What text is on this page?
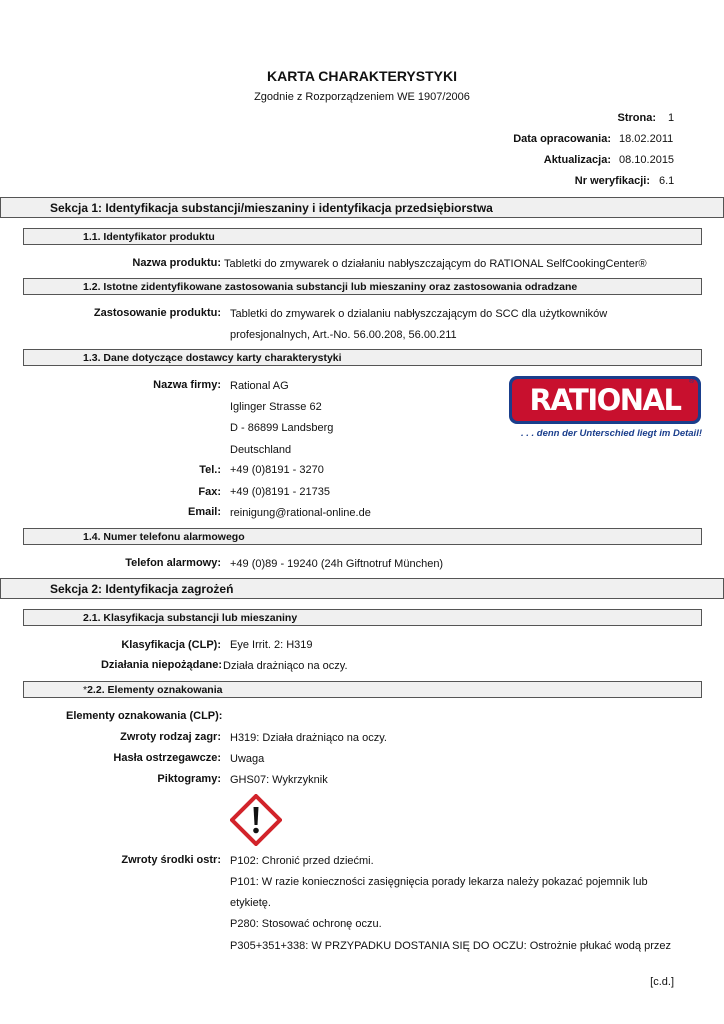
KARTA CHARAKTERYSTYKI
Zgodnie z Rozporządzeniem WE 1907/2006
Strona: 1
Data opracowania: 18.02.2011
Aktualizacja: 08.10.2015
Nr weryfikacji: 6.1
Sekcja 1: Identyfikacja substancji/mieszaniny i identyfikacja przedsiębiorstwa
1.1. Identyfikator produktu
Nazwa produktu: Tabletki do zmywarek o działaniu nabłyszczającym do RATIONAL SelfCookingCenter®
1.2. Istotne zidentyfikowane zastosowania substancji lub mieszaniny oraz zastosowania odradzane
Zastosowanie produktu: Tabletki do zmywarek o dzialaniu nabłyszczającym do SCC dla użytkowników
profesjonalnych, Art.-No. 56.00.208, 56.00.211
1.3. Dane dotyczące dostawcy karty charakterystyki
Nazwa firmy: Rational AG
Iglinger Strasse 62
D - 86899 Landsberg
Deutschland
Tel.: +49 (0)8191 - 3270
Fax: +49 (0)8191 - 21735
Email: reinigung@rational-online.de
RATIONAL
®
. . . denn der Unterschied liegt im Detail!
1.4. Numer telefonu alarmowego
Telefon alarmowy: +49 (0)89 - 19240 (24h Giftnotruf München)
Sekcja 2: Identyfikacja zagrożeń
2.1. Klasyfikacja substancji lub mieszaniny
Klasyfikacja (CLP): Eye Irrit. 2: H319
Działania niepożądane: Działa drażniąco na oczy.
*2.2. Elementy oznakowania
Elementy oznakowania (CLP):
Zwroty rodzaj zagr: H319: Działa drażniąco na oczy.
Hasła ostrzegawcze: Uwaga
Piktogramy: GHS07: Wykrzyknik
Zwroty środki ostr: P102: Chronić przed dziećmi.
P101: W razie konieczności zasięgnięcia porady lekarza należy pokazać pojemnik lub
etykietę.
P280: Stosować ochronę oczu.
P305+351+338: W PRZYPADKU DOSTANIA SIĘ DO OCZU: Ostrożnie płukać wodą przez
[c.d.]
